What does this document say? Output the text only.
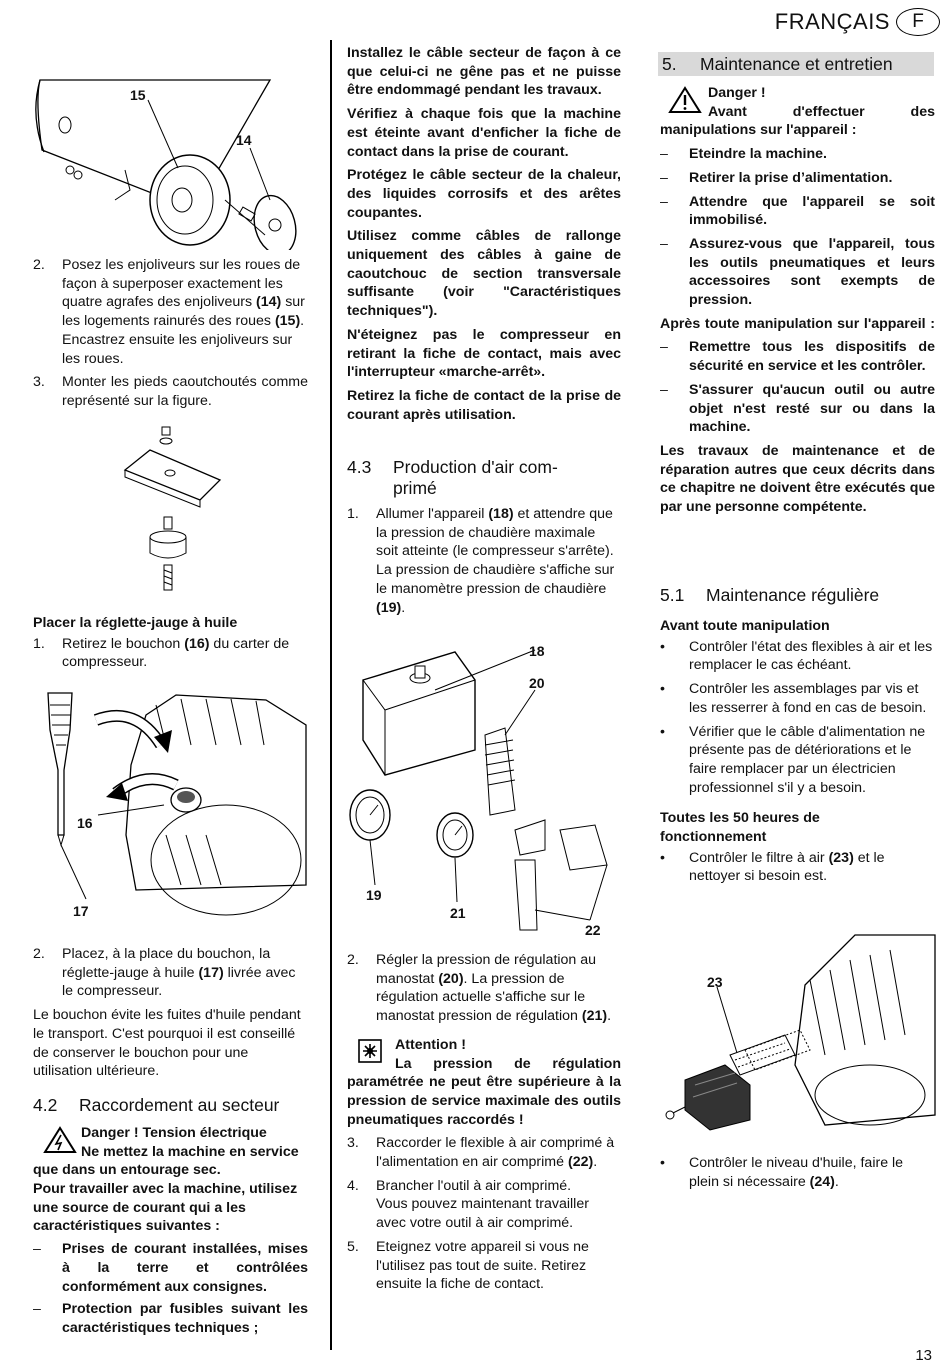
FRANÇAIS	F
15
14
2.	Posez les enjoliveurs sur les roues de façon à superposer exactement les quatre agrafes des enjoliveurs (14) sur les logements rainurés des roues (15). Encastrez ensuite les enjoliveurs sur les roues.
3.	Monter les pieds caoutchoutés comme représenté sur la figure.

Placer la réglette-jauge à huile

1.	Retirez le bouchon (16) du carter de compresseur.
16
17
2.	Placez, à la place du bouchon, la réglette-jauge à huile (17) livrée avec le compresseur.

Le bouchon évite les fuites d'huile pendant le transport. C'est pourquoi il est conseillé de conserver le bouchon pour une utilisation ultérieure.

4.2 Raccordement au secteur

Danger ! Tension électrique

Ne mettez la machine en service que dans un entourage sec.

Pour travailler avec la machine, utilisez une source de courant qui a les caractéristiques suivantes :

–	Prises de courant installées, mises à la terre et contrôlées conformément aux consignes.
–	Protection par fusibles suivant les caractéristiques techniques ;

Installez le câble secteur de façon à ce que celui-ci ne gêne pas et ne puisse être endommagé pendant les travaux.

Vérifiez à chaque fois que la machine est éteinte avant d'enficher la fiche de contact dans la prise de courant.

Protégez le câble secteur de la chaleur, des liquides corrosifs et des arêtes coupantes.

Utilisez comme câbles de rallonge uniquement des câbles à gaine de caoutchouc de section transversale suffisante (voir "Caractéristiques techniques").

N'éteignez pas le compresseur en retirant la fiche de contact, mais avec l'interrupteur «marche-arrêt».

Retirez la fiche de contact de la prise de courant après utilisation.

4.3 Production d'air com-
primé
1.	Allumer l'appareil (18) et attendre que la pression de chaudière maximale soit atteinte (le compresseur s'arrête).
La pression de chaudière s'affiche sur le manomètre pression de chaudière (19).
18
20
19
21
22
2.	Régler la pression de régulation au manostat (20). La pression de régulation actuelle s'affiche sur le manostat pression de régulation (21).

Attention !

La pression de régulation paramétrée ne peut être supérieure à la pression de service maximale des outils pneumatiques raccordés !

3.	Raccorder le flexible à air comprimé à l'alimentation en air comprimé (22).
4.	Brancher l'outil à air comprimé.
Vous pouvez maintenant travailler avec votre outil à air comprimé.
5.	Eteignez votre appareil si vous ne l'utilisez pas tout de suite. Retirez ensuite la fiche de contact.
5. Maintenance et entretien

Danger !

Avant d'effectuer des manipulations sur l'appareil :

–	Eteindre la machine.
–	Retirer la prise d’alimentation.
–	Attendre que l'appareil se soit immobilisé.
–	Assurez-vous que l'appareil, tous les outils pneumatiques et leurs accessoires sont exempts de pression.

Après toute manipulation sur l'appareil :

–	Remettre tous les dispositifs de sécurité en service et les contrôler.
–	S'assurer qu'aucun outil ou autre objet n'est resté sur ou dans la machine.

Les travaux de maintenance et de réparation autres que ceux décrits dans ce chapitre ne doivent être exécutés que par une personne compétente.

5.1 Maintenance régulière

Avant toute manipulation

•	Contrôler l'état des flexibles à air et les remplacer le cas échéant.
•	Contrôler les assemblages par vis et les resserrer à fond en cas de besoin.
•	Vérifier que le câble d'alimentation ne présente pas de détériorations et le faire remplacer par un électricien professionnel s'il y a besoin.

Toutes les 50 heures de fonctionnement

•	Contrôler le filtre à air (23) et le nettoyer si besoin est.
23
•	Contrôler le niveau d'huile, faire le plein si nécessaire (24).
13
